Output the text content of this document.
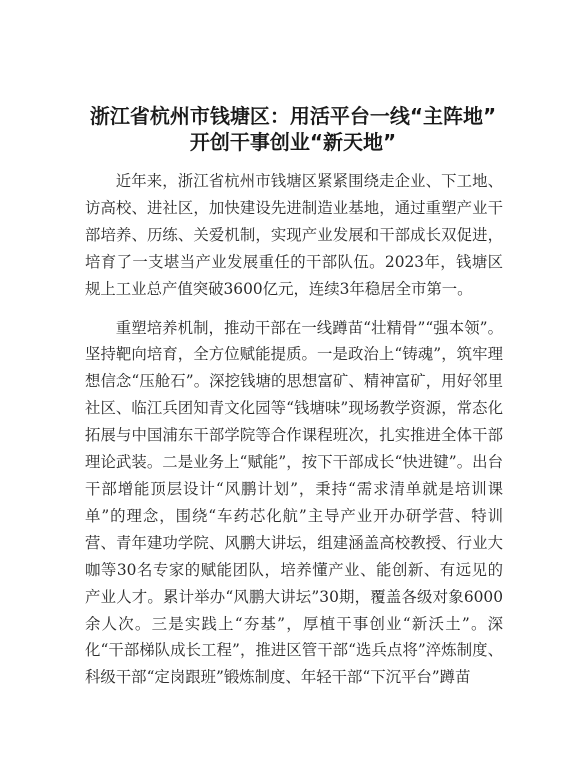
浙江省杭州市钱塘区：用活平台一线“主阵地”
开创干事创业“新天地”

近年来，浙江省杭州市钱塘区紧紧围绕走企业、下工地、访高校、进社区，加快建设先进制造业基地，通过重塑产业干部培养、历练、关爱机制，实现产业发展和干部成长双促进，培育了一支堪当产业发展重任的干部队伍。2023年，钱塘区规上工业总产值突破3600亿元，连续3年稳居全市第一。

重塑培养机制，推动干部在一线蹲苗“壮精骨”“强本领”。坚持靶向培育，全方位赋能提质。一是政治上“铸魂”，筑牢理想信念“压舱石”。深挖钱塘的思想富矿、精神富矿，用好邻里社区、临江兵团知青文化园等“钱塘味”现场教学资源，常态化拓展与中国浦东干部学院等合作课程班次，扎实推进全体干部理论武装。二是业务上“赋能”，按下干部成长“快进键”。出台干部增能顶层设计“风鹏计划”，秉持“需求清单就是培训课单”的理念，围绕“车药芯化航”主导产业开办研学营、特训营、青年建功学院、风鹏大讲坛，组建涵盖高校教授、行业大咖等30名专家的赋能团队，培养懂产业、能创新、有远见的产业人才。累计举办“风鹏大讲坛”30期，覆盖各级对象6000余人次。三是实践上“夯基”，厚植干事创业“新沃土”。深化“干部梯队成长工程”，推进区管干部“选兵点将”淬炼制度、科级干部“定岗跟班”锻炼制度、年轻干部“下沉平台”蹲苗
